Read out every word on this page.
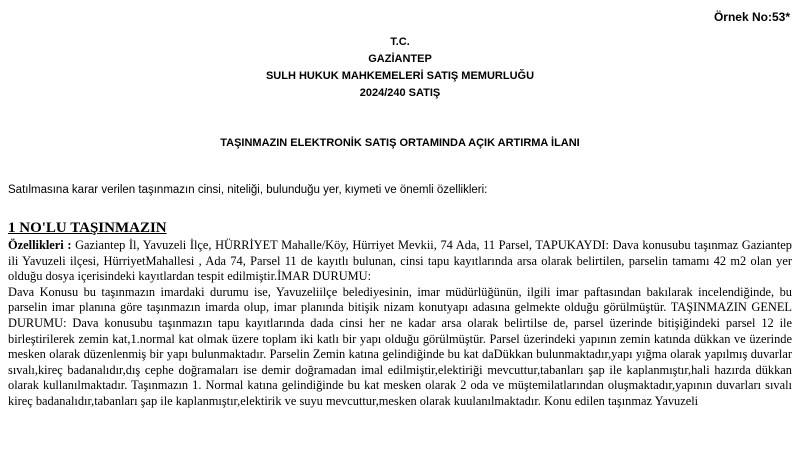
Örnek No:53*
T.C.
GAZİANTEP
SULH HUKUK MAHKEMELERİ SATIŞ MEMURLUĞU
2024/240 SATIŞ
TAŞINMAZIN ELEKTRONİK SATIŞ ORTAMINDA AÇIK ARTIRMA İLANI
Satılmasına karar verilen taşınmazın cinsi, niteliği, bulunduğu yer, kıymeti ve önemli özellikleri:
1 NO'LU TAŞINMAZIN

Özellikleri : Gaziantep İl, Yavuzeli İlçe, HÜRRİYET Mahalle/Köy, Hürriyet Mevkii, 74 Ada, 11 Parsel, TAPUKAYDI: Dava konusubu taşınmaz Gaziantep ili Yavuzeli ilçesi, HürriyetMahallesi , Ada 74, Parsel 11 de kayıtlı bulunan, cinsi tapu kayıtlarında arsa olarak belirtilen, parselin tamamı 42 m2 olan yer olduğu dosya içerisindeki kayıtlardan tespit edilmiştir.İMAR DURUMU:

Dava Konusu bu taşınmazın imardaki durumu ise, Yavuzeliilçe belediyesinin, imar müdürlüğünün, ilgili imar paftasından bakılarak incelendiğinde, bu parselin imar planına göre taşınmazın imarda olup, imar planında bitişik nizam konutyapı adasına gelmekte olduğu görülmüştür. TAŞINMAZIN GENEL DURUMU: Dava konusubu taşınmazın tapu kayıtlarında dada cinsi her ne kadar arsa olarak belirtilse de, parsel üzerinde bitişiğindeki parsel 12 ile birleştirilerek zemin kat,1.normal kat olmak üzere toplam iki katlı bir yapı olduğu görülmüştür. Parsel üzerindeki yapının zemin katında dükkan ve üzerinde mesken olarak düzenlenmiş bir yapı bulunmaktadır. Parselin Zemin katına gelindiğinde bu kat daDükkan bulunmaktadır,yapı yığma olarak yapılmış duvarlar sıvalı,kireç badanalıdır,dış cephe doğramaları ise demir doğramadan imal edilmiştir,elektiriği mevcuttur,tabanları şap ile kaplanmıştır,hali hazırda dükkan olarak kullanılmaktadır. Taşınmazın 1. Normal katına gelindiğinde bu kat mesken olarak 2 oda ve müştemilatlarından oluşmaktadır,yapının duvarları sıvalı kireç badanalıdır,tabanları şap ile kaplanmıştır,elektirik ve suyu mevcuttur,mesken olarak kuulanılmaktadır. Konu edilen taşınmaz Yavuzeli
